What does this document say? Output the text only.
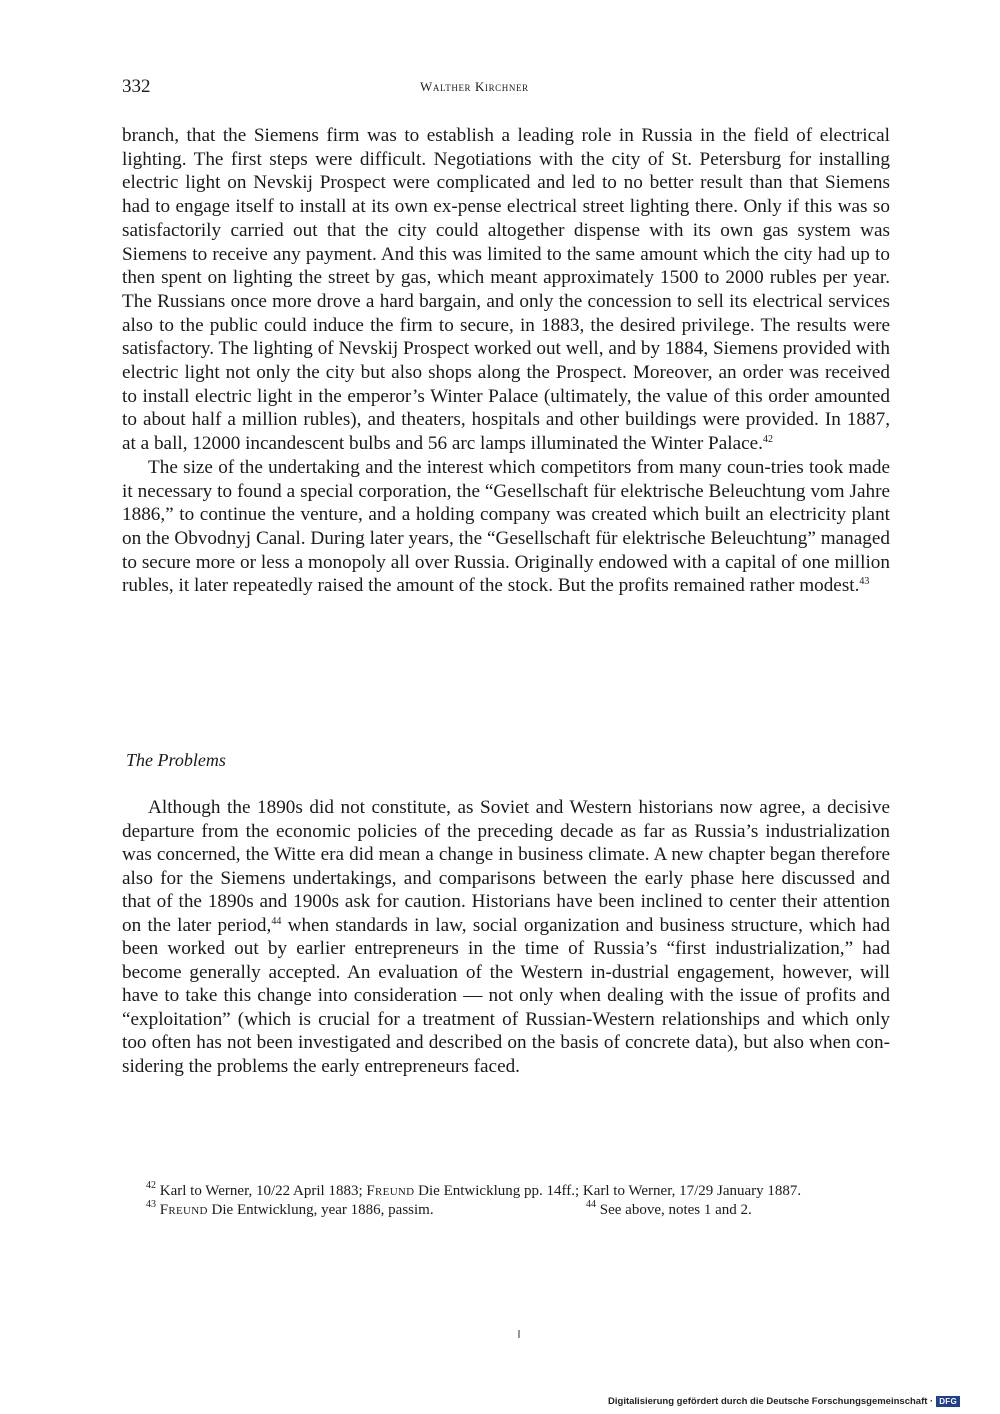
332	Walther Kirchner

branch, that the Siemens firm was to establish a leading role in Russia in the field of electrical lighting. The first steps were difficult. Negotiations with the city of St. Petersburg for installing electric light on Nevskij Prospect were complicated and led to no better result than that Siemens had to engage itself to install at its own ex-pense electrical street lighting there. Only if this was so satisfactorily carried out that the city could altogether dispense with its own gas system was Siemens to receive any payment. And this was limited to the same amount which the city had up to then spent on lighting the street by gas, which meant approximately 1500 to 2000 rubles per year. The Russians once more drove a hard bargain, and only the concession to sell its electrical services also to the public could induce the firm to secure, in 1883, the desired privilege. The results were satisfactory. The lighting of Nevskij Prospect worked out well, and by 1884, Siemens provided with electric light not only the city but also shops along the Prospect. Moreover, an order was received to install electric light in the emperor’s Winter Palace (ultimately, the value of this order amounted to about half a million rubles), and theaters, hospitals and other buildings were provided. In 1887, at a ball, 12000 incandescent bulbs and 56 arc lamps illuminated the Winter Palace.$^{42}$

The size of the undertaking and the interest which competitors from many coun-tries took made it necessary to found a special corporation, the “Gesellschaft für elektrische Beleuchtung vom Jahre 1886,” to continue the venture, and a holding company was created which built an electricity plant on the Obvodnyj Canal. During later years, the “Gesellschaft für elektrische Beleuchtung” managed to secure more or less a monopoly all over Russia. Originally endowed with a capital of one million rubles, it later repeatedly raised the amount of the stock. But the profits remained rather modest.$^{43}$

The Problems

Although the 1890s did not constitute, as Soviet and Western historians now agree, a decisive departure from the economic policies of the preceding decade as far as Russia’s industrialization was concerned, the Witte era did mean a change in business climate. A new chapter began therefore also for the Siemens undertakings, and comparisons between the early phase here discussed and that of the 1890s and 1900s ask for caution. Historians have been inclined to center their attention on the later period,$^{44}$ when standards in law, social organization and business structure, which had been worked out by earlier entrepreneurs in the time of Russia’s “first industrialization,” had become generally accepted. An evaluation of the Western in-dustrial engagement, however, will have to take this change into consideration — not only when dealing with the issue of profits and “exploitation” (which is crucial for a treatment of Russian-Western relationships and which only too often has not been investigated and described on the basis of concrete data), but also when con-sidering the problems the early entrepreneurs faced.

$^{42}$ Karl to Werner, 10/22 April 1883; Freund Die Entwicklung pp. 14ff.; Karl to Werner, 17/29 January 1887.

$^{43}$ Freund Die Entwicklung, year 1886, passim.	$^{44}$ See above, notes 1 and 2.
Digitalisierung gefördert durch die Deutsche Forschungsgemeinschaft · DFG
